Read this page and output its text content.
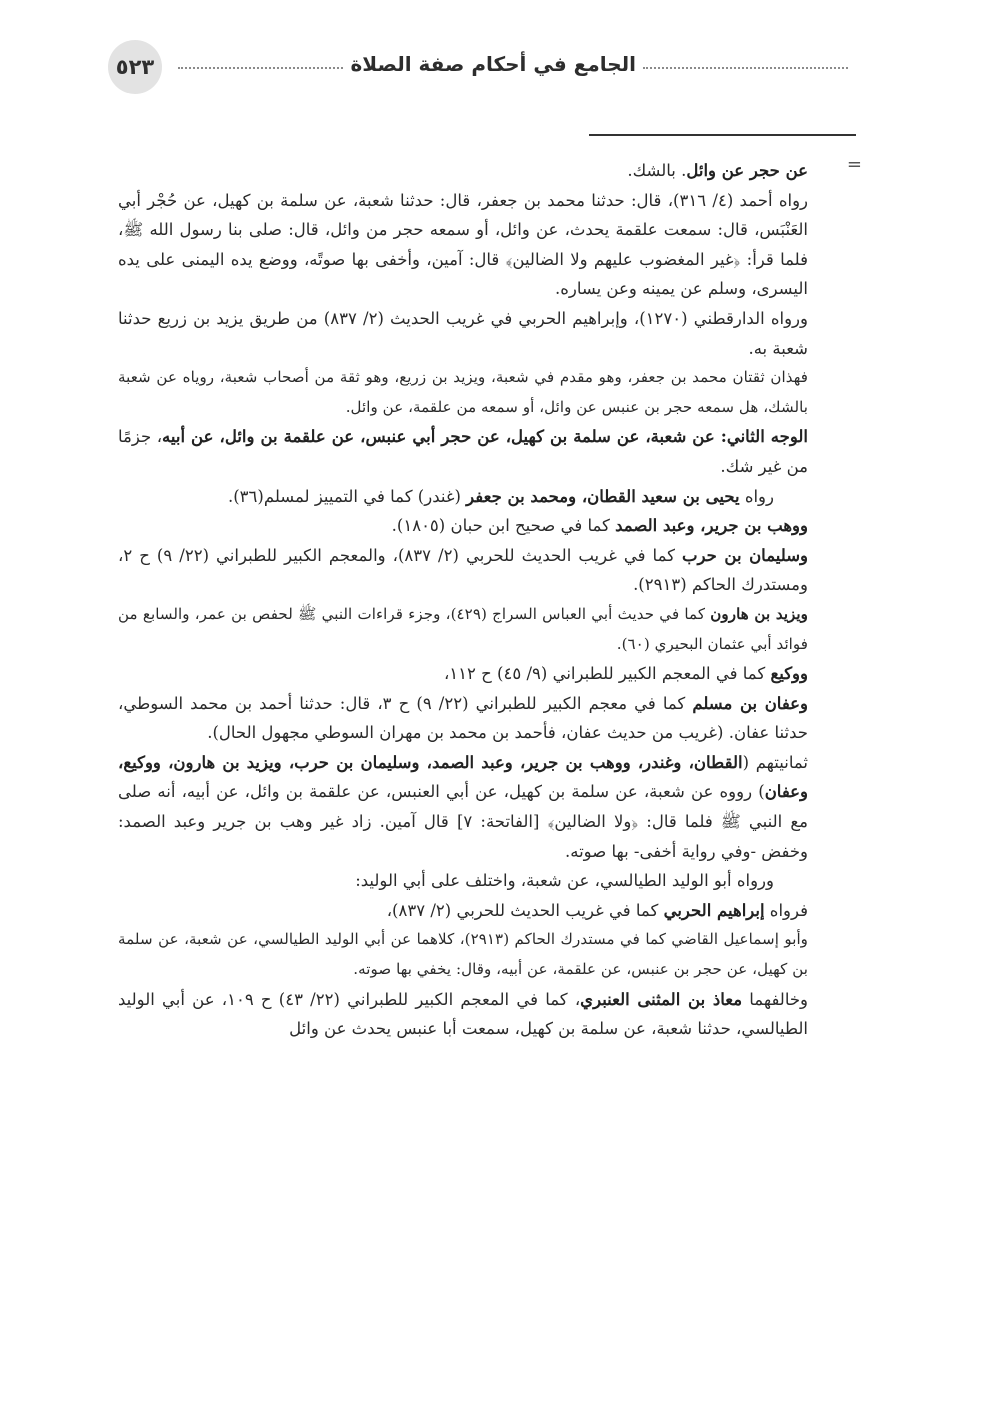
٥٢٣	الجامع في أحكام صفة الصلاة
=

عن حجر عن وائل. بالشك.

رواه أحمد (٤/ ٣١٦)، قال: حدثنا محمد بن جعفر، قال: حدثنا شعبة، عن سلمة بن كهيل، عن حُجْر أبي العَنْبَس، قال: سمعت علقمة يحدث، عن وائل، أو سمعه حجر من وائل، قال: صلى بنا رسول الله ﷺ، فلما قرأ: ﴿غير المغضوب عليهم ولا الضالين﴾ قال: آمين، وأخفى بها صوتًه، ووضع يده اليمنى على يده اليسرى، وسلم عن يمينه وعن يساره.

ورواه الدارقطني (١٢٧٠)، وإبراهيم الحربي في غريب الحديث (٢/ ٨٣٧) من طريق يزيد بن زريع حدثنا شعبة به.

فهذان ثقتان محمد بن جعفر، وهو مقدم في شعبة، ويزيد بن زريع، وهو ثقة من أصحاب شعبة، روياه عن شعبة بالشك، هل سمعه حجر بن عنبس عن وائل، أو سمعه من علقمة، عن وائل.

الوجه الثاني: عن شعبة، عن سلمة بن كهيل، عن حجر أبي عنبس، عن علقمة بن وائل، عن أبيه، جزمًا من غير شك.

رواه يحيى بن سعيد القطان، ومحمد بن جعفر (غندر) كما في التمييز لمسلم(٣٦).

ووهب بن جرير، وعبد الصمد كما في صحيح ابن حبان (١٨٠٥).

وسليمان بن حرب كما في غريب الحديث للحربي (٢/ ٨٣٧)، والمعجم الكبير للطبراني (٢٢/ ٩) ح ٢، ومستدرك الحاكم (٢٩١٣).

ويزيد بن هارون كما في حديث أبي العباس السراج (٤٢٩)، وجزء قراءات النبي ﷺ لحفص بن عمر، والسابع من فوائد أبي عثمان البحيري (٦٠).

ووكيع كما في المعجم الكبير للطبراني (٩/ ٤٥) ح ١١٢،

وعفان بن مسلم كما في معجم الكبير للطبراني (٢٢/ ٩) ح ٣، قال: حدثنا أحمد بن محمد السوطي، حدثنا عفان. (غريب من حديث عفان، فأحمد بن محمد بن مهران السوطي مجهول الحال).

ثمانيتهم (القطان، وغندر، ووهب بن جرير، وعبد الصمد، وسليمان بن حرب، ويزيد بن هارون، ووكيع، وعفان) رووه عن شعبة، عن سلمة بن كهيل، عن أبي العنبس، عن علقمة بن وائل، عن أبيه، أنه صلى مع النبي ﷺ فلما قال: ﴿ولا الضالين﴾ [الفاتحة: ٧] قال آمين. زاد غير وهب بن جرير وعبد الصمد: وخفض -وفي رواية أخفى- بها صوته.

ورواه أبو الوليد الطيالسي، عن شعبة، واختلف على أبي الوليد:

فرواه إبراهيم الحربي كما في غريب الحديث للحربي (٢/ ٨٣٧)،

وأبو إسماعيل القاضي كما في مستدرك الحاكم (٢٩١٣)، كلاهما عن أبي الوليد الطيالسي، عن شعبة، عن سلمة بن كهيل، عن حجر بن عنبس، عن علقمة، عن أبيه، وقال: يخفي بها صوته.

وخالفهما معاذ بن المثنى العنبري، كما في المعجم الكبير للطبراني (٢٢/ ٤٣) ح ١٠٩، عن أبي الوليد الطيالسي، حدثنا شعبة، عن سلمة بن كهيل، سمعت أبا عنبس يحدث عن وائل
